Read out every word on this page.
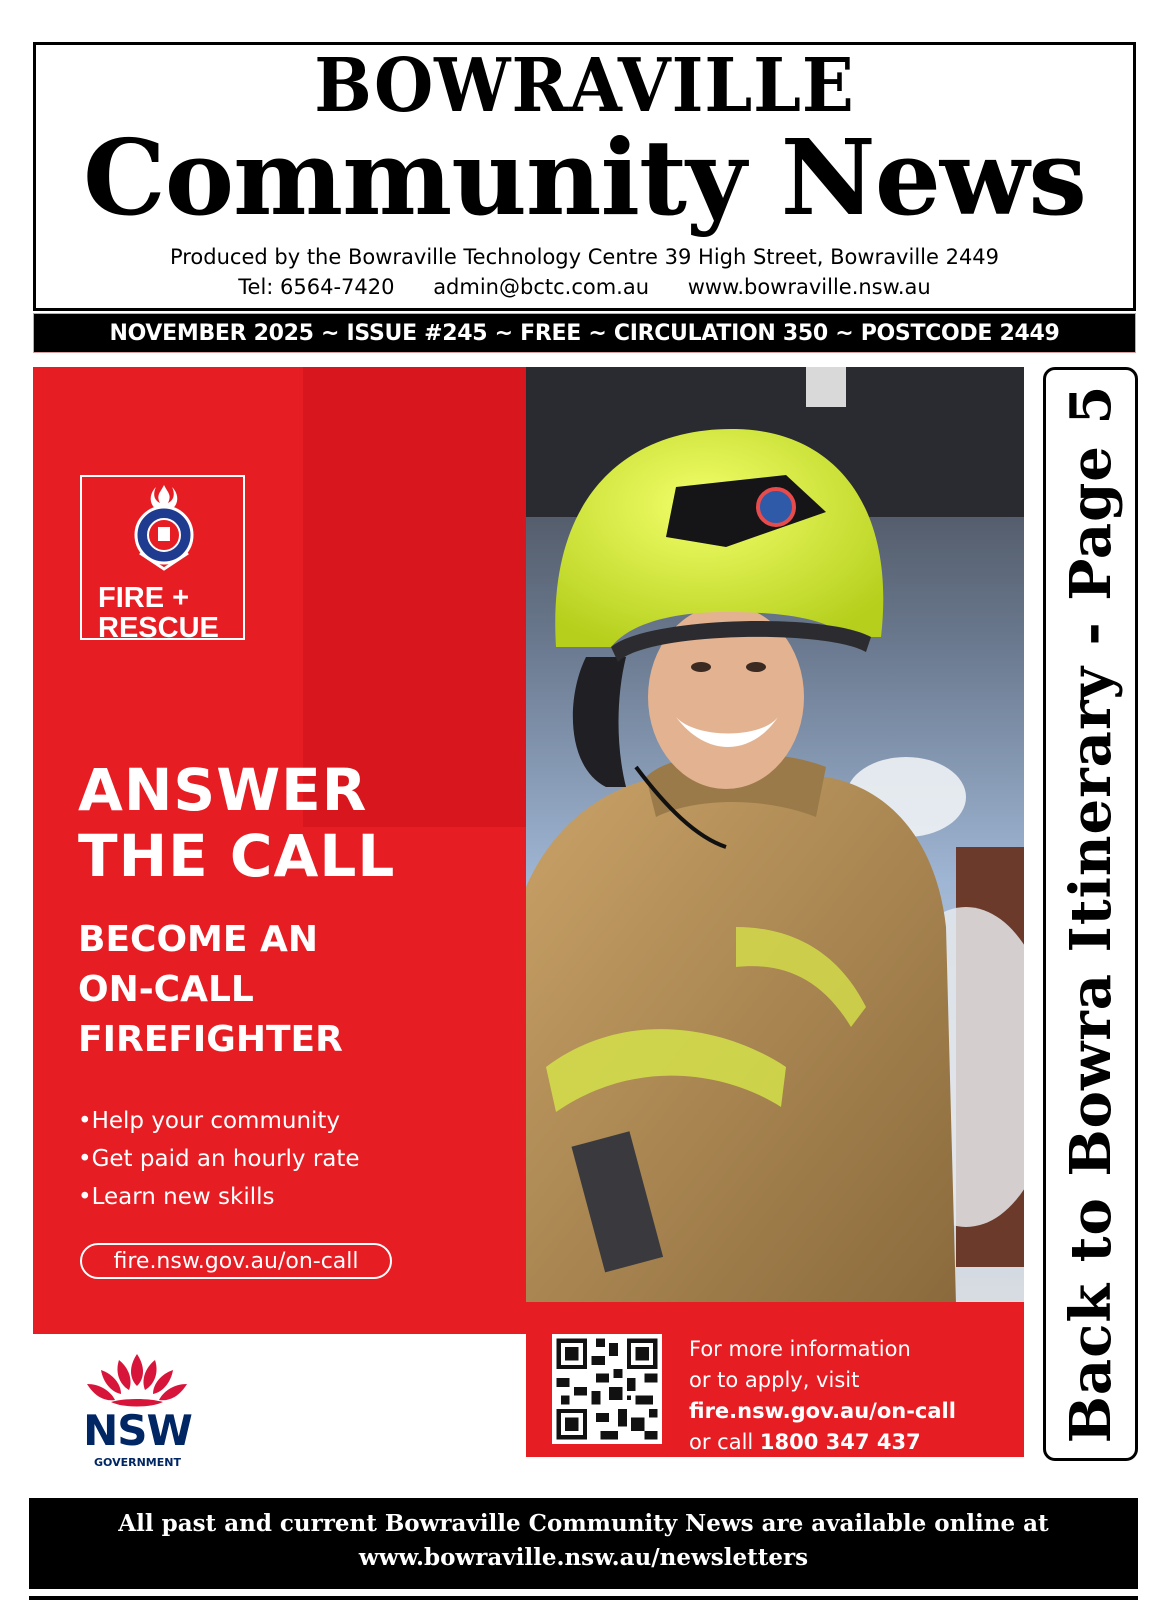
BOWRAVILLE
Community News
Produced by the Bowraville Technology Centre 39 High Street, Bowraville 2449
Tel: 6564-7420 admin@bctc.com.au www.bowraville.nsw.au
NOVEMBER 2025 ~ ISSUE #245 ~ FREE ~ CIRCULATION 350 ~ POSTCODE 2449
FIRE +
RESCUE
ANSWER
THE CALL
BECOME AN
ON-CALL
FIREFIGHTER
•Help your community
•Get paid an hourly rate
•Learn new skills
fire.nsw.gov.au/on-call
For more information
or to apply, visit
fire.nsw.gov.au/on-call
or call 1800 347 437
NSW
GOVERNMENT
Back to Bowra Itinerary - Page 5
All past and current Bowraville Community News are available online at
www.bowraville.nsw.au/newsletters
